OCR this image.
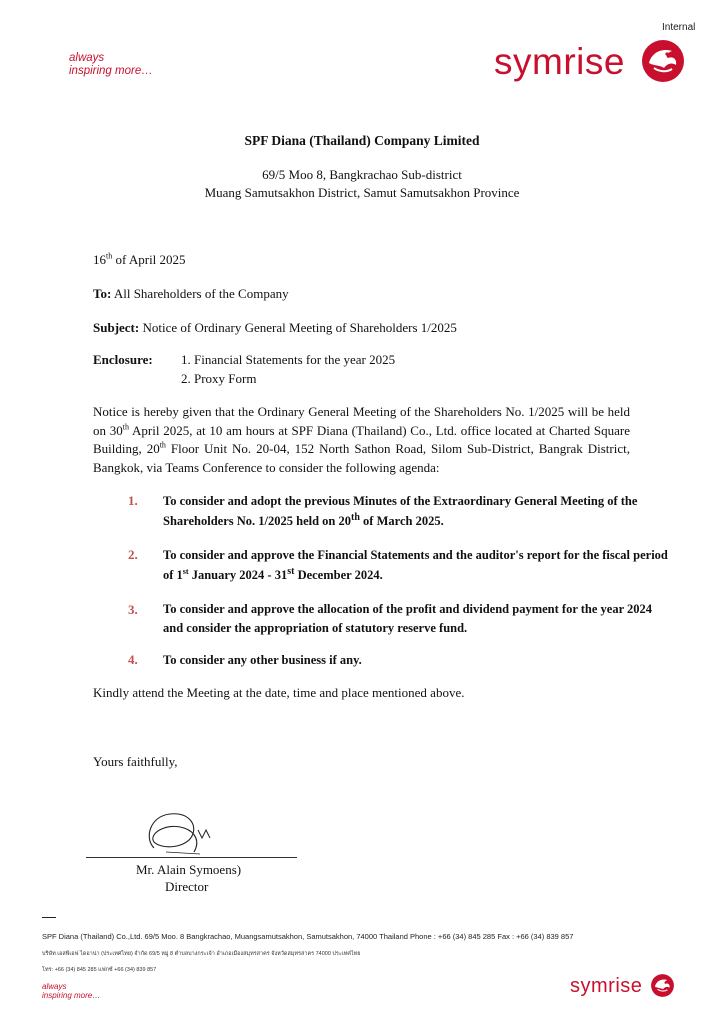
Internal
always
inspiring more…	symrise
SPF Diana (Thailand) Company Limited
69/5 Moo 8, Bangkrachao Sub-district
Muang Samutsakhon District, Samut Samutsakhon Province
16th of April 2025
To: All Shareholders of the Company
Subject: Notice of Ordinary General Meeting of Shareholders 1/2025
Enclosure: 1. Financial Statements for the year 2025
2. Proxy Form
Notice is hereby given that the Ordinary General Meeting of the Shareholders No. 1/2025 will be held on 30th April 2025, at 10 am hours at SPF Diana (Thailand) Co., Ltd. office located at Charted Square Building, 20th Floor Unit No. 20-04, 152 North Sathon Road, Silom Sub-District, Bangrak District, Bangkok, via Teams Conference to consider the following agenda:
1. To consider and adopt the previous Minutes of the Extraordinary General Meeting of the Shareholders No. 1/2025 held on 20th of March 2025.
2. To consider and approve the Financial Statements and the auditor's report for the fiscal period of 1st January 2024 - 31st December 2024.
3. To consider and approve the allocation of the profit and dividend payment for the year 2024 and consider the appropriation of statutory reserve fund.
4. To consider any other business if any.
Kindly attend the Meeting at the date, time and place mentioned above.
Yours faithfully,
Mr. Alain Symoens)
Director
SPF Diana (Thailand) Co.,Ltd. 69/5 Moo. 8 Bangkrachao, Muangsamutsakhon, Samutsakhon, 74000 Thailand Phone : +66 (34) 845 285 Fax : +66 (34) 839 857
บริษัท เอสพีเอฟ ไดอาน่า (ประเทศไทย) จำกัด 69/5 หมู่ 8 ตำบลบางกระเจ้า อำเภอเมืองสมุทรสาคร จังหวัดสมุทรสาคร 74000 ประเทศไทย
โทร: +66 (34) 845 285 แฟกซ์ +66 (34) 839 857
always
inspiring more…	symrise
